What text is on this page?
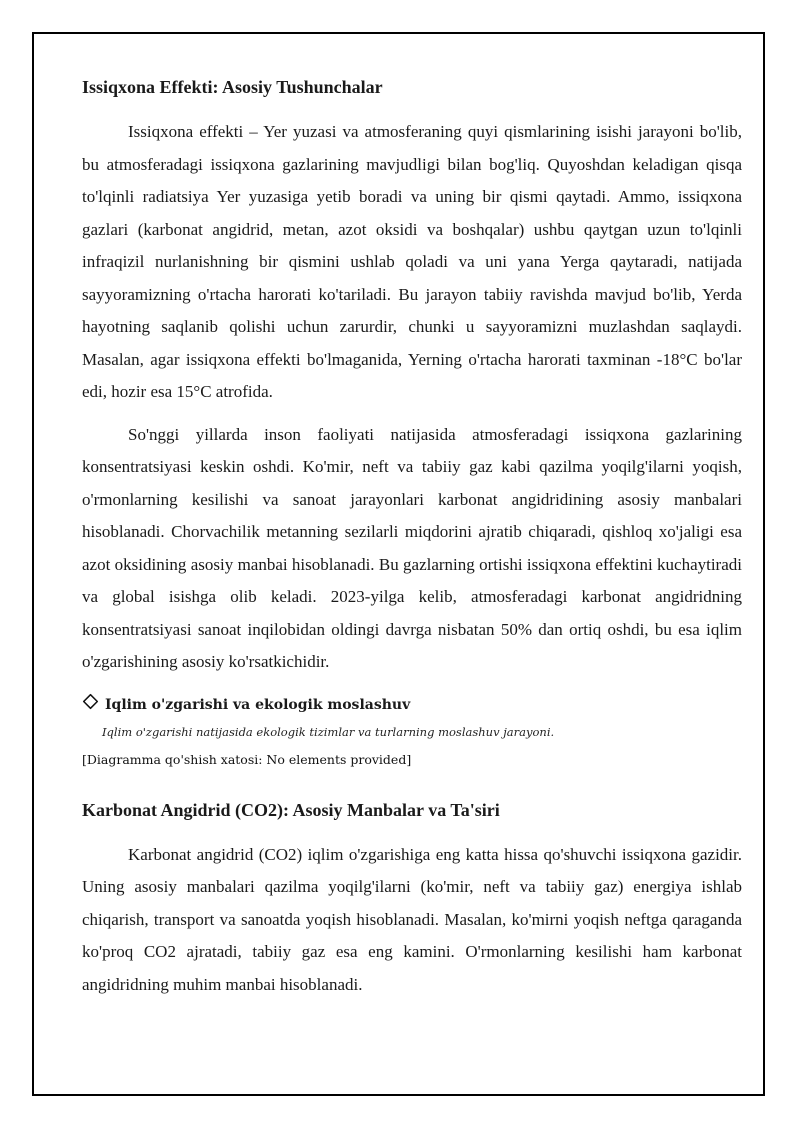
Issiqxona Effekti: Asosiy Tushunchalar

Issiqxona effekti – Yer yuzasi va atmosferaning quyi qismlarining isishi jarayoni bo'lib, bu atmosferadagi issiqxona gazlarining mavjudligi bilan bog'liq. Quyoshdan keladigan qisqa to'lqinli radiatsiya Yer yuzasiga yetib boradi va uning bir qismi qaytadi. Ammo, issiqxona gazlari (karbonat angidrid, metan, azot oksidi va boshqalar) ushbu qaytgan uzun to'lqinli infraqizil nurlanishning bir qismini ushlab qoladi va uni yana Yerga qaytaradi, natijada sayyoramizning o'rtacha harorati ko'tariladi. Bu jarayon tabiiy ravishda mavjud bo'lib, Yerda hayotning saqlanib qolishi uchun zarurdir, chunki u sayyoramizni muzlashdan saqlaydi. Masalan, agar issiqxona effekti bo'lmaganida, Yerning o'rtacha harorati taxminan -18°C bo'lar edi, hozir esa 15°C atrofida.

So'nggi yillarda inson faoliyati natijasida atmosferadagi issiqxona gazlarining konsentratsiyasi keskin oshdi. Ko'mir, neft va tabiiy gaz kabi qazilma yoqilg'ilarni yoqish, o'rmonlarning kesilishi va sanoat jarayonlari karbonat angidridining asosiy manbalari hisoblanadi. Chorvachilik metanning sezilarli miqdorini ajratib chiqaradi, qishloq xo'jaligi esa azot oksidining asosiy manbai hisoblanadi. Bu gazlarning ortishi issiqxona effektini kuchaytiradi va global isishga olib keladi. 2023-yilga kelib, atmosferadagi karbonat angidridning konsentratsiyasi sanoat inqilobidan oldingi davrga nisbatan 50% dan ortiq oshdi, bu esa iqlim o'zgarishining asosiy ko'rsatkichidir.

Iqlim o'zgarishi va ekologik moslashuv
Iqlim o'zgarishi natijasida ekologik tizimlar va turlarning moslashuv jarayoni.
[Diagramma qo'shish xatosi: No elements provided]
Karbonat Angidrid (CO2): Asosiy Manbalar va Ta'siri

Karbonat angidrid (CO2) iqlim o'zgarishiga eng katta hissa qo'shuvchi issiqxona gazidir. Uning asosiy manbalari qazilma yoqilg'ilarni (ko'mir, neft va tabiiy gaz) energiya ishlab chiqarish, transport va sanoatda yoqish hisoblanadi. Masalan, ko'mirni yoqish neftga qaraganda ko'proq CO2 ajratadi, tabiiy gaz esa eng kamini. O'rmonlarning kesilishi ham karbonat angidridning muhim manbai hisoblanadi.
